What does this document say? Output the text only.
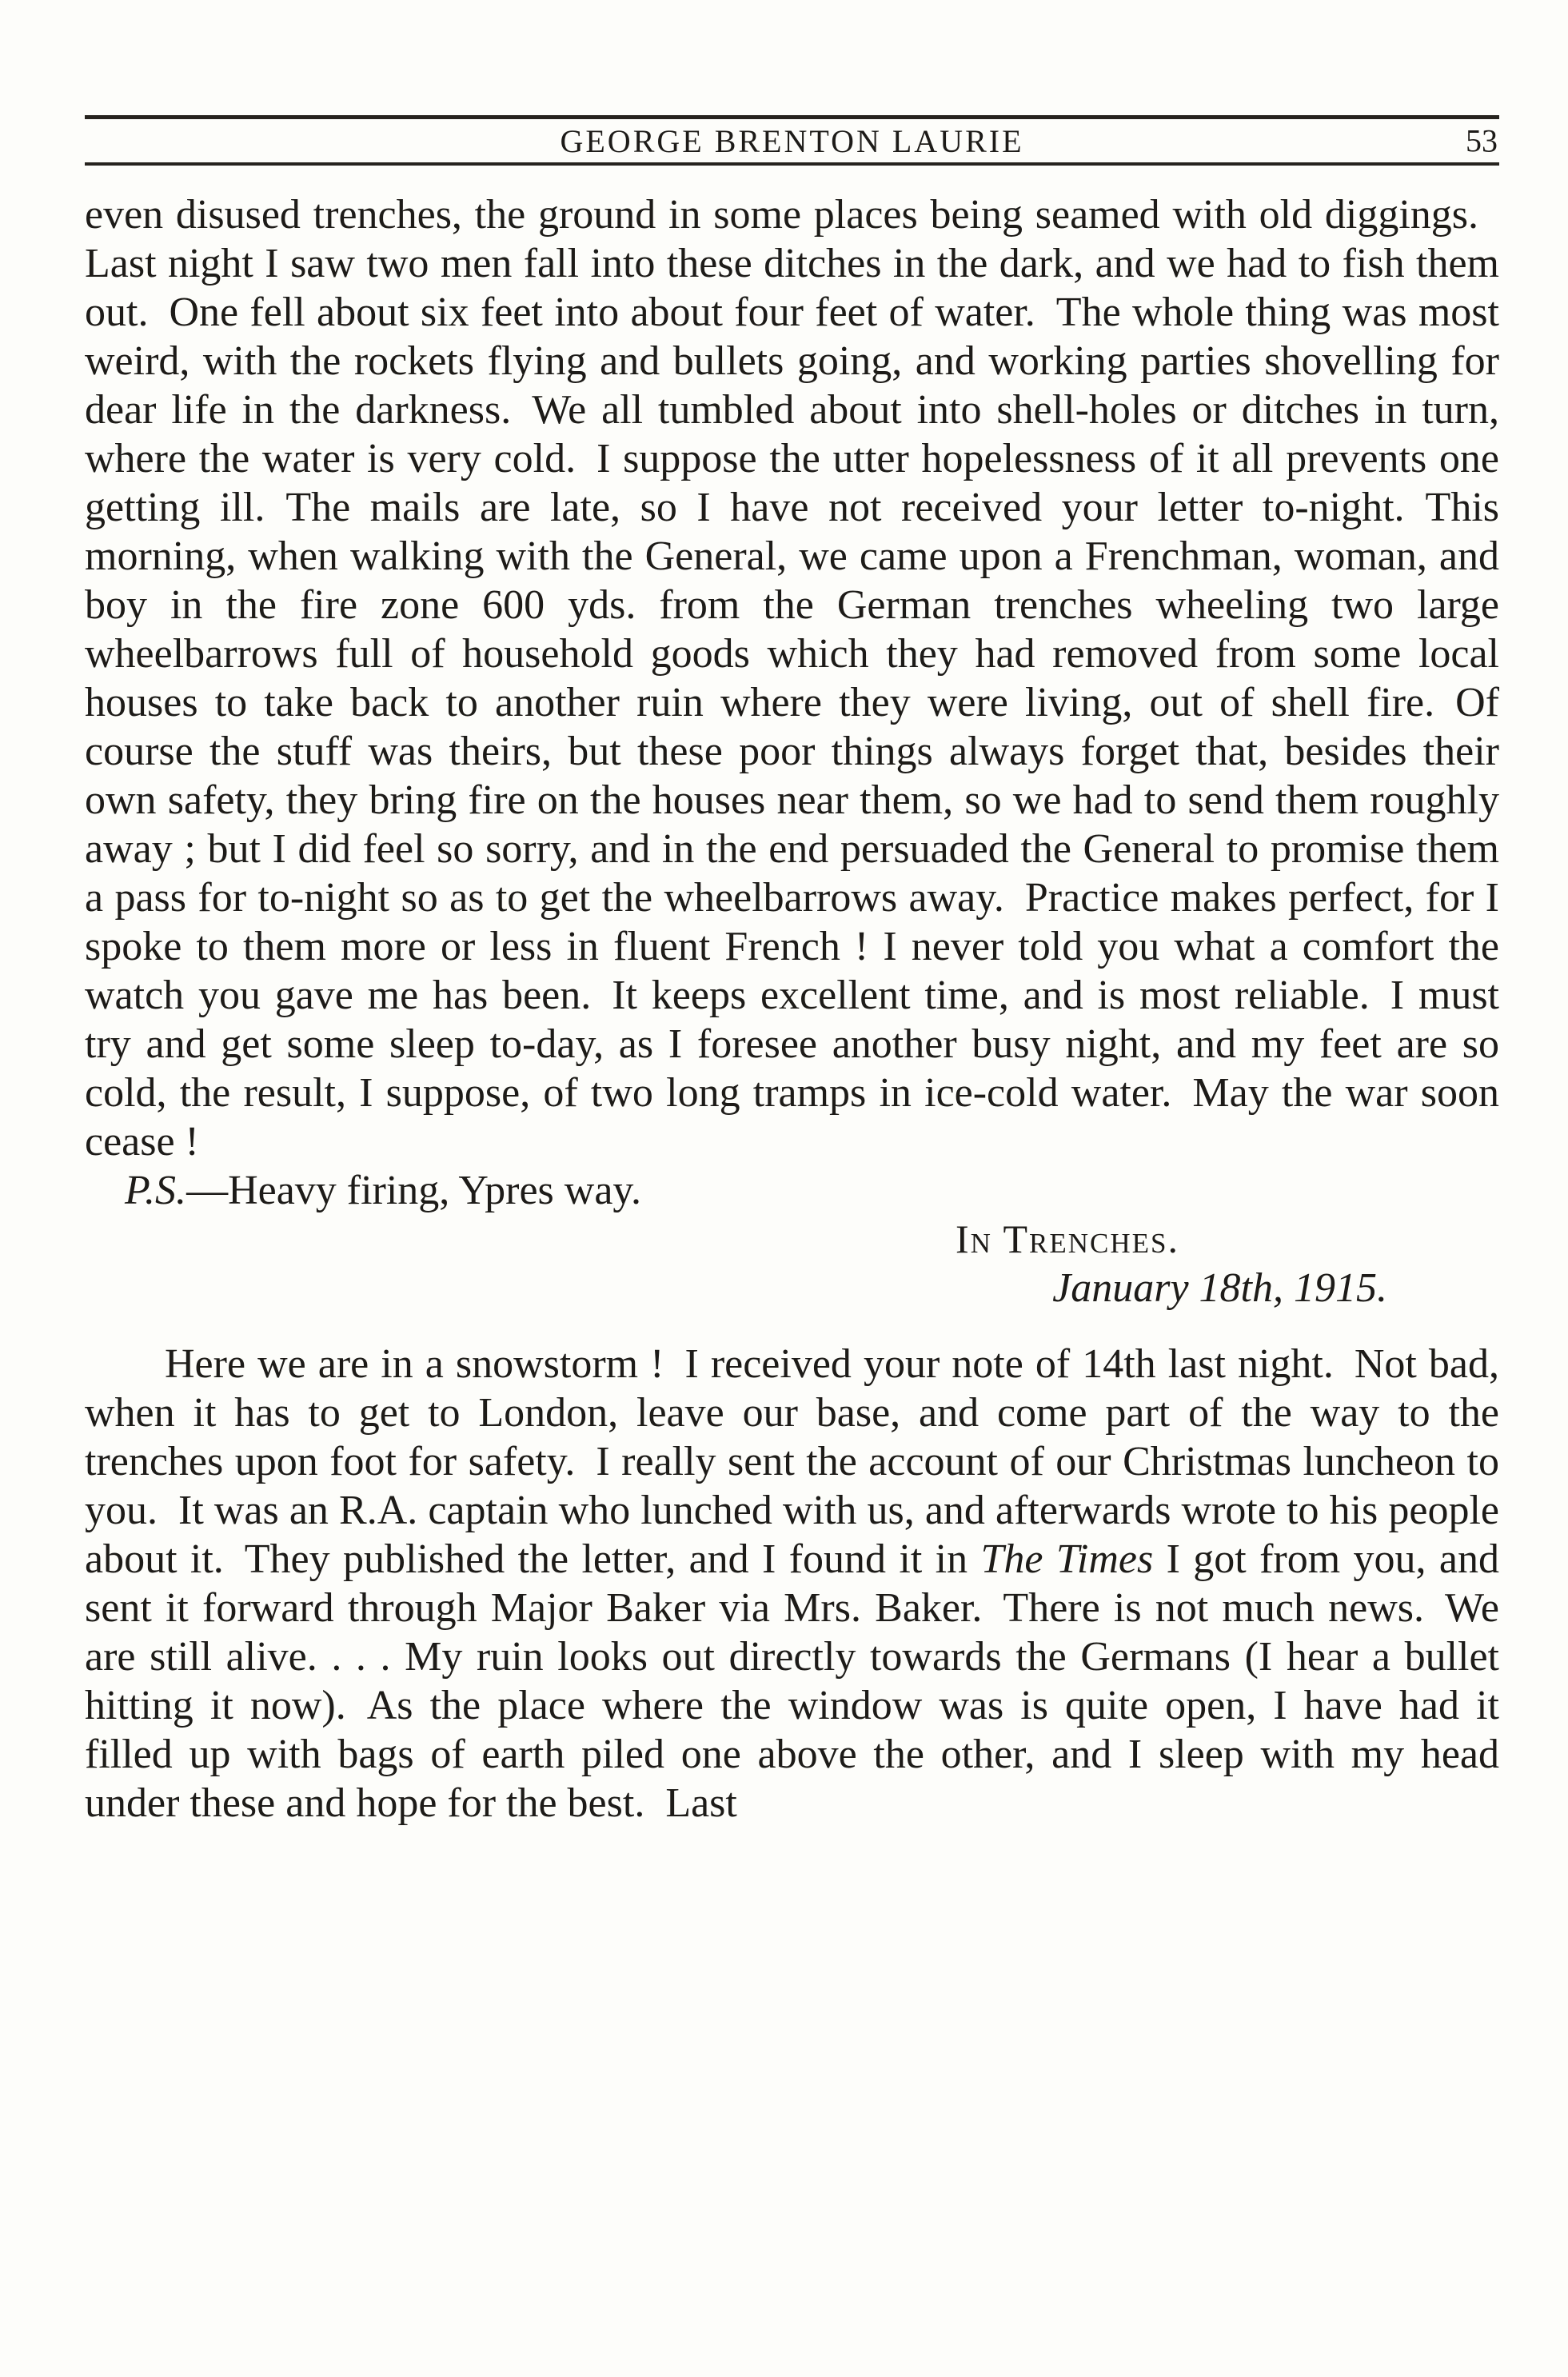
GEORGE BRENTON LAURIE	53

even disused trenches, the ground in some places being seamed with old diggings. Last night I saw two men fall into these ditches in the dark, and we had to fish them out. One fell about six feet into about four feet of water. The whole thing was most weird, with the rockets flying and bullets going, and working parties shovelling for dear life in the darkness. We all tumbled about into shell-holes or ditches in turn, where the water is very cold. I suppose the utter hopelessness of it all prevents one getting ill. The mails are late, so I have not received your letter to-night. This morning, when walking with the General, we came upon a Frenchman, woman, and boy in the fire zone 600 yds. from the German trenches wheeling two large wheelbarrows full of household goods which they had removed from some local houses to take back to another ruin where they were living, out of shell fire. Of course the stuff was theirs, but these poor things always forget that, besides their own safety, they bring fire on the houses near them, so we had to send them roughly away ; but I did feel so sorry, and in the end persuaded the General to promise them a pass for to-night so as to get the wheelbarrows away. Practice makes perfect, for I spoke to them more or less in fluent French ! I never told you what a comfort the watch you gave me has been. It keeps excellent time, and is most reliable. I must try and get some sleep to-day, as I foresee another busy night, and my feet are so cold, the result, I suppose, of two long tramps in ice-cold water. May the war soon cease !

P.S.—Heavy firing, Ypres way.

In Trenches.

January 18th, 1915.

Here we are in a snowstorm ! I received your note of 14th last night. Not bad, when it has to get to London, leave our base, and come part of the way to the trenches upon foot for safety. I really sent the account of our Christmas luncheon to you. It was an R.A. captain who lunched with us, and afterwards wrote to his people about it. They published the letter, and I found it in The Times I got from you, and sent it forward through Major Baker via Mrs. Baker. There is not much news. We are still alive. . . . My ruin looks out directly towards the Germans (I hear a bullet hitting it now). As the place where the window was is quite open, I have had it filled up with bags of earth piled one above the other, and I sleep with my head under these and hope for the best. Last
